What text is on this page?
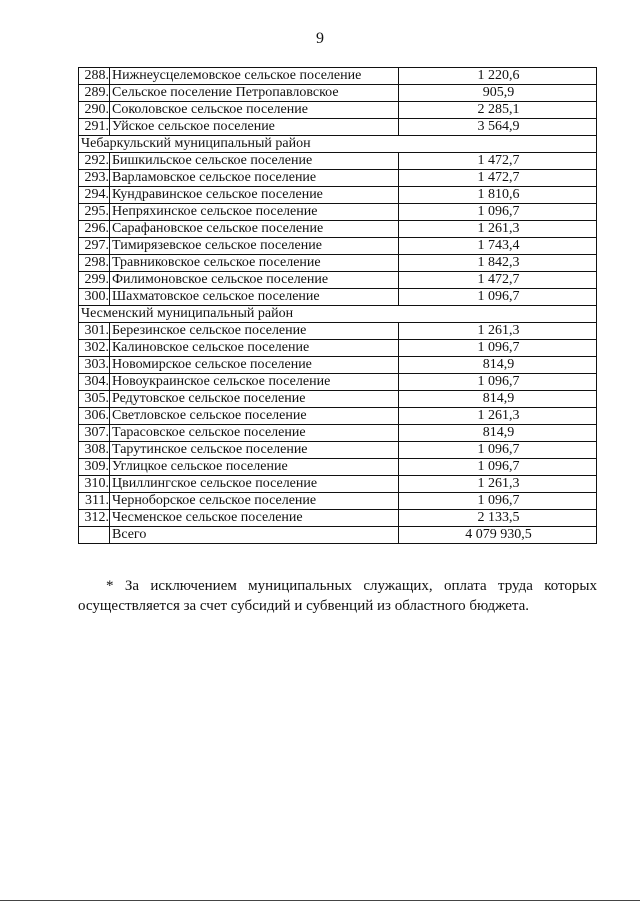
9
288.	Нижнеусцелемовское сельское поселение	1 220,6
289.	Сельское поселение Петропавловское	905,9
290.	Соколовское сельское поселение	2 285,1
291.	Уйское сельское поселение	3 564,9
Чебаркульский муниципальный район		
292.	Бишкильское сельское поселение	1 472,7
293.	Варламовское сельское поселение	1 472,7
294.	Кундравинское сельское поселение	1 810,6
295.	Непряхинское сельское поселение	1 096,7
296.	Сарафановское сельское поселение	1 261,3
297.	Тимирязевское сельское поселение	1 743,4
298.	Травниковское сельское поселение	1 842,3
299.	Филимоновское сельское поселение	1 472,7
300.	Шахматовское сельское поселение	1 096,7
Чесменский муниципальный район		
301.	Березинское сельское поселение	1 261,3
302.	Калиновское сельское поселение	1 096,7
303.	Новомирское сельское поселение	814,9
304.	Новоукраинское сельское поселение	1 096,7
305.	Редутовское сельское поселение	814,9
306.	Светловское сельское поселение	1 261,3
307.	Тарасовское сельское поселение	814,9
308.	Тарутинское сельское поселение	1 096,7
309.	Углицкое сельское поселение	1 096,7
310.	Цвиллингское сельское поселение	1 261,3
311.	Черноборское сельское поселение	1 096,7
312.	Чесменское сельское поселение	2 133,5
	Всего	4 079 930,5
* За исключением муниципальных служащих, оплата труда которых осуществляется за счет субсидий и субвенций из областного бюджета.
